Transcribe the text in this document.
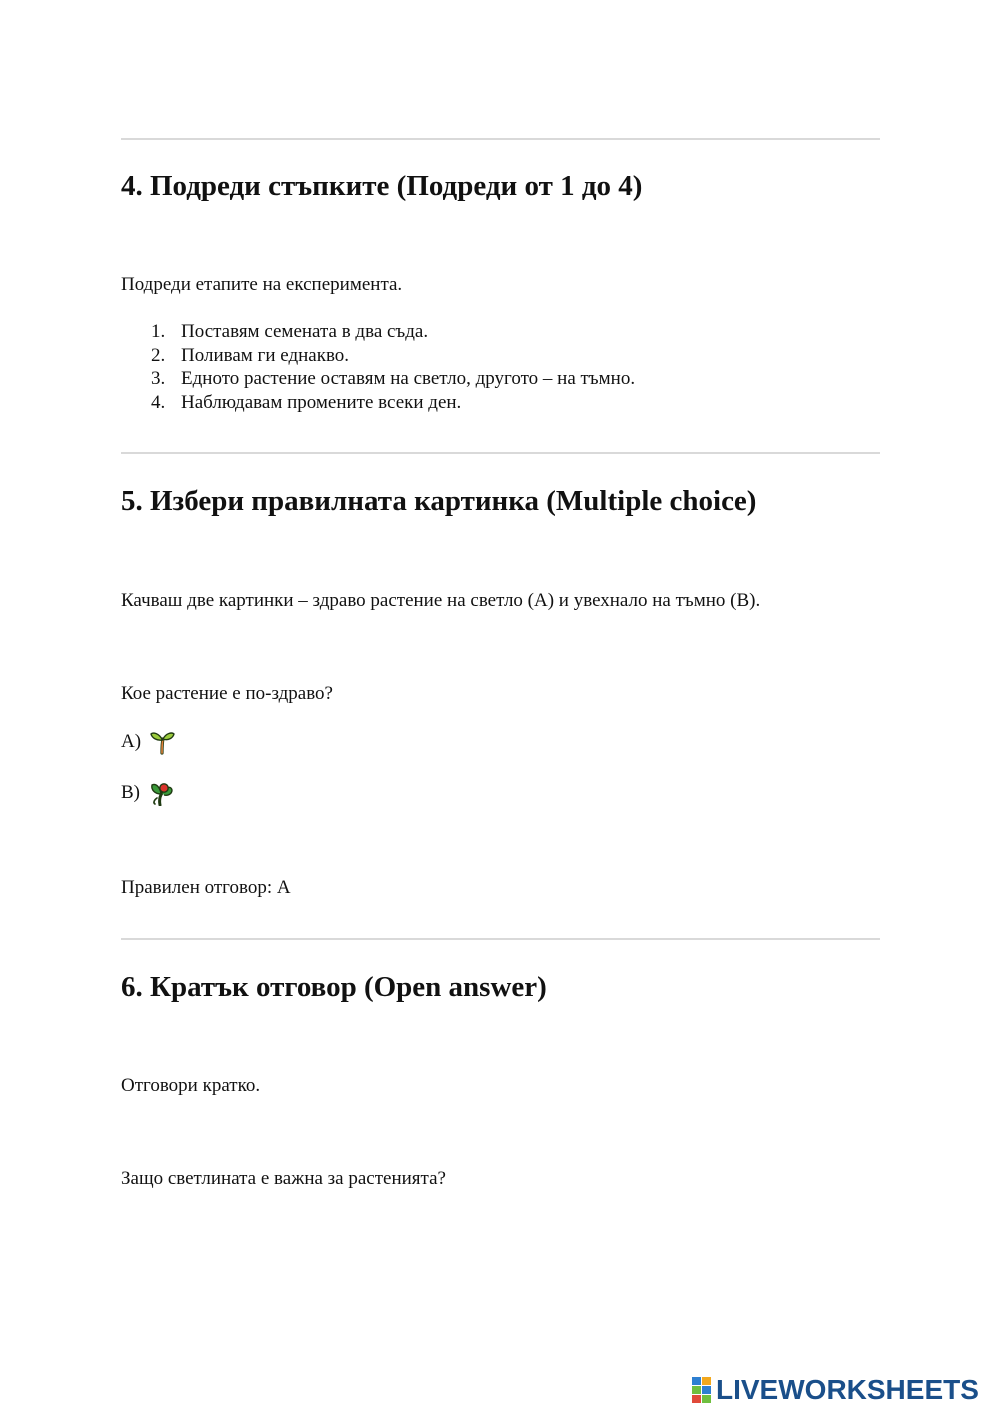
4. Подреди стъпките (Подреди от 1 до 4)

Подреди етапите на експеримента.

1. Поставям семената в два съда.
2. Поливам ги еднакво.
3. Едното растение оставям на светло, другото – на тъмно.
4. Наблюдавам промените всеки ден.
5. Избери правилната картинка (Multiple choice)

Качваш две картинки – здраво растение на светло (А) и увехнало на тъмно (В).

Кое растение е по-здраво?

А)
В)

Правилен отговор: А

6. Кратък отговор (Open answer)

Отговори кратко.

Защо светлината е важна за растенията?

LIVEWORKSHEETS
